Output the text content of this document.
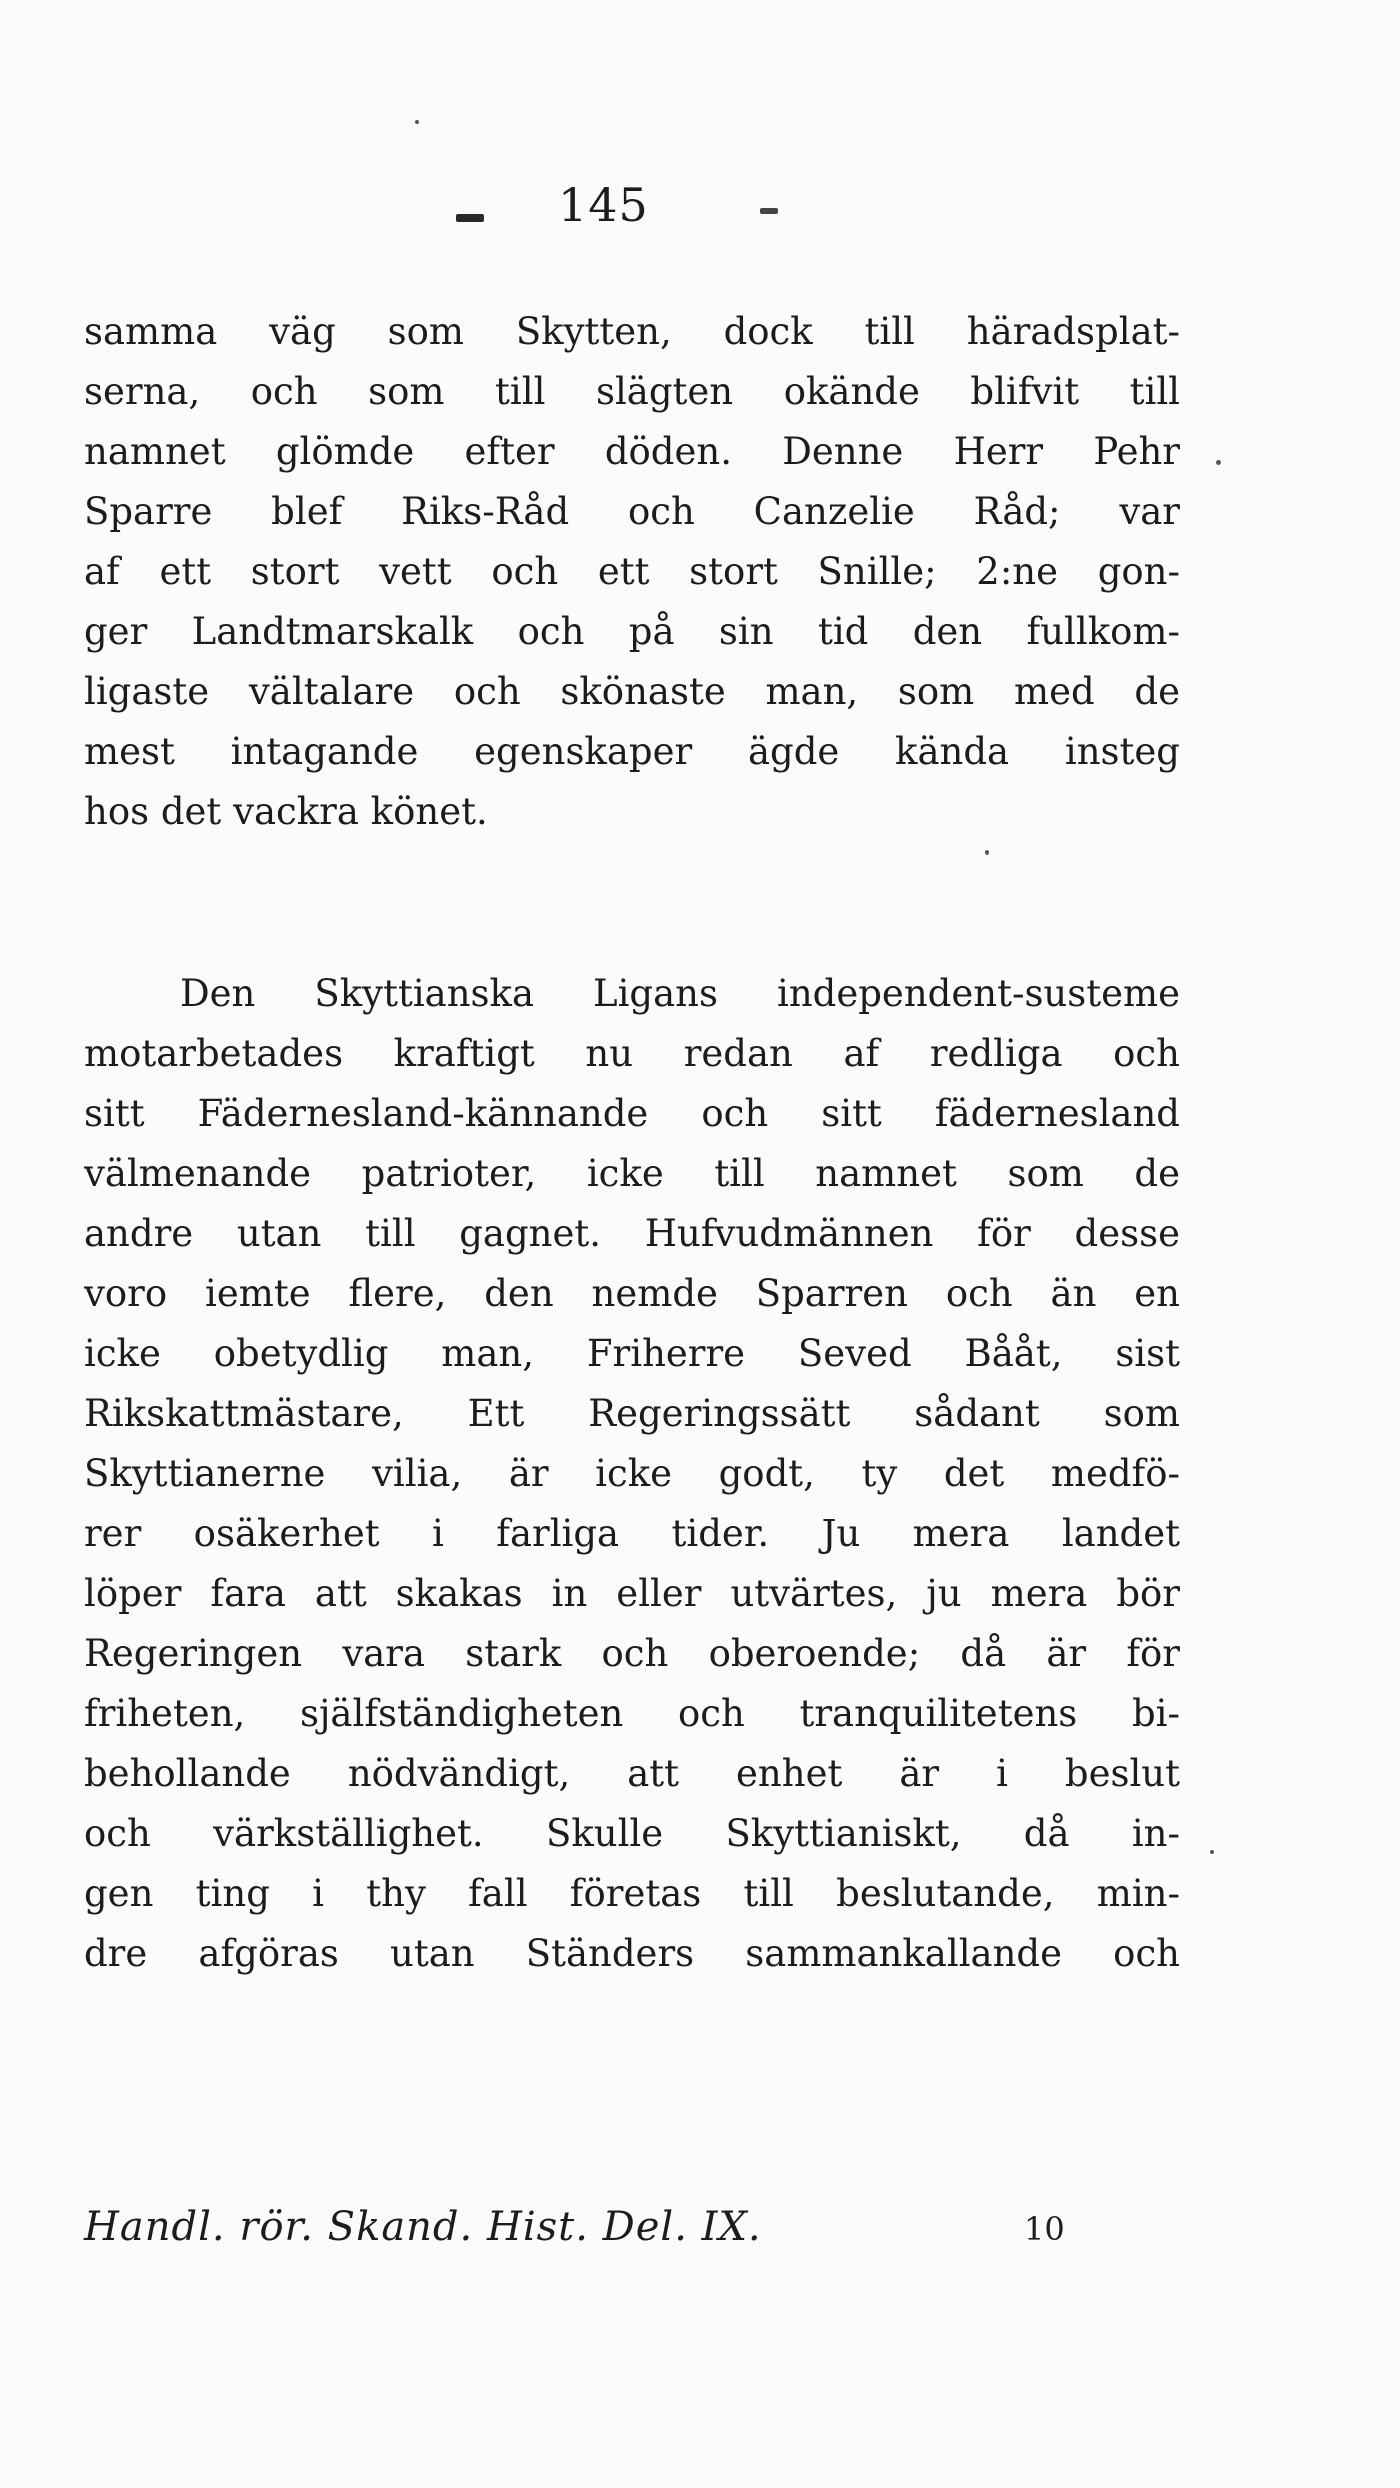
145
samma väg som Skytten, dock till häradsplat-
serna, och som till slägten okände blifvit till
namnet glömde efter döden. Denne Herr Pehr
Sparre blef Riks-Råd och Canzelie Råd; var
af ett stort vett och ett stort Snille; 2:ne gon-
ger Landtmarskalk och på sin tid den fullkom-
ligaste vältalare och skönaste man, som med de
mest intagande egenskaper ägde kända insteg
hos det vackra könet.
Den Skyttianska Ligans independent-susteme
motarbetades kraftigt nu redan af redliga och
sitt Fädernesland-kännande och sitt fädernesland
välmenande patrioter, icke till namnet som de
andre utan till gagnet. Hufvudmännen för desse
voro iemte flere, den nemde Sparren och än en
icke obetydlig man, Friherre Seved Bååt, sist
Rikskattmästare, Ett Regeringssätt sådant som
Skyttianerne vilia, är icke godt, ty det medfö-
rer osäkerhet i farliga tider. Ju mera landet
löper fara att skakas in eller utvärtes, ju mera bör
Regeringen vara stark och oberoende; då är för
friheten, själfständigheten och tranquilitetens bi-
behollande nödvändigt, att enhet är i beslut
och värkställighet. Skulle Skyttianiskt, då in-
gen ting i thy fall företas till beslutande, min-
dre afgöras utan Ständers sammankallande och
Handl. rör. Skand. Hist. Del. IX.	10
